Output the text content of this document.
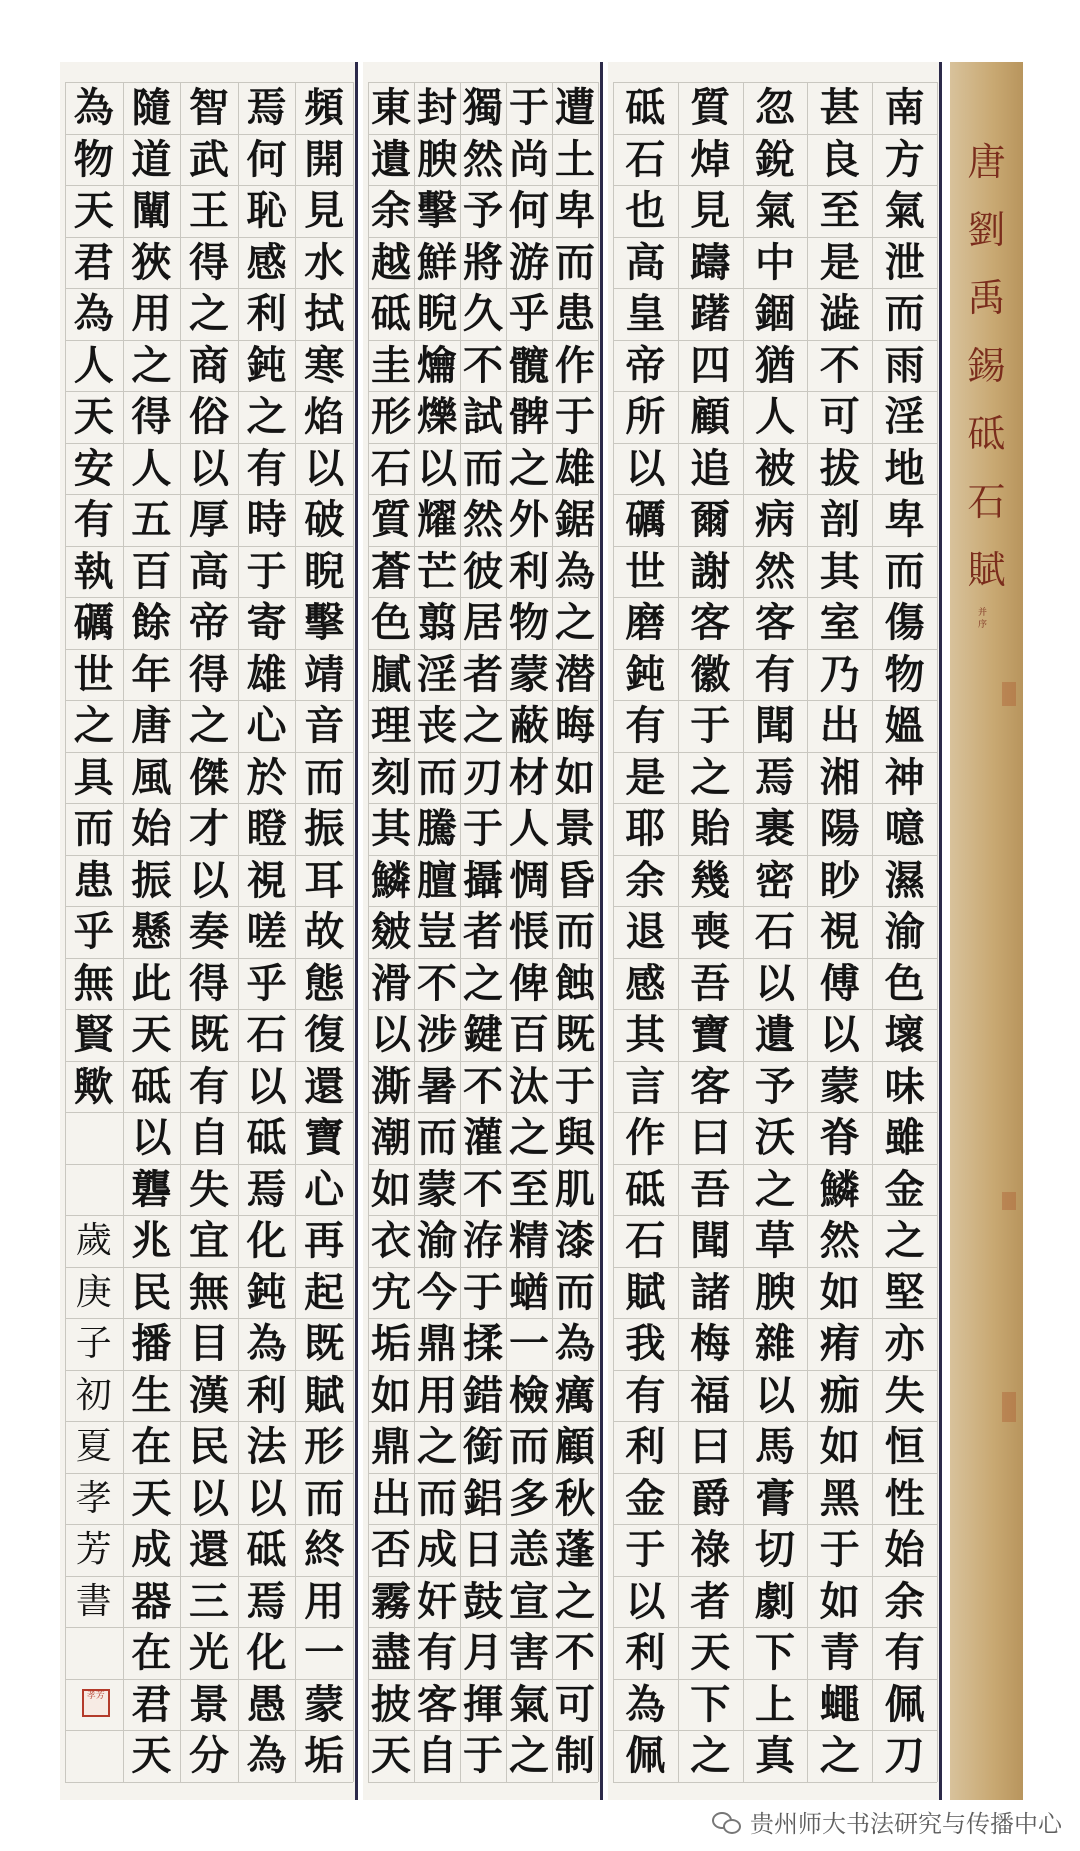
唐
劉
禹
錫
砥
石
賦
并序
南
方
氣
泄
而
雨
淫
地
卑
而
傷
物
媼
神
噫
濕
渝
色
壞
味
雖
金
之
堅
亦
失
恒
性
始
余
有
佩
刀
甚
良
至
是
澁
不
可
拔
剖
其
室
乃
出
湘
陽
眇
視
傅
以
蒙
脊
鱗
然
如
痏
痂
如
黑
于
如
青
蠅
之
忽
銳
氣
中
錮
猶
人
被
病
然
客
有
聞
焉
裹
密
石
以
遺
予
沃
之
草
腴
雜
以
馬
膏
切
劇
下
上
真
質
焯
見
躊
躇
四
顧
追
爾
謝
客
徽
于
之
貽
幾
喪
吾
寶
客
曰
吾
聞
諸
梅
福
曰
爵
祿
者
天
下
之
砥
石
也
高
皇
帝
所
以
礪
世
磨
鈍
有
是
耶
余
退
感
其
言
作
砥
石
賦
我
有
利
金
于
以
利
為
佩
遭
土
卑
而
患
作
于
雄
鋸
為
之
潜
晦
如
景
昏
而
蝕
既
于
與
肌
漆
而
為
癘
顧
秋
蓬
之
不
可
制
于
尚
何
游
乎
髖
髀
之
外
利
物
蒙
蔽
材
人
惆
悵
俾
百
汰
之
至
精
蝤
一
檢
而
多
恙
宣
害
氣
之
獨
然
予
將
久
不
試
而
然
彼
居
者
之
刃
于
攝
者
之
鍵
不
灌
不
洊
于
揉
錯
銜
鋁
日
鼓
月
揮
于
封
腴
擊
鮮
睨
爚
爍
以
耀
芒
翦
淫
丧
而
騰
膻
豈
不
涉
暑
而
蒙
渝
今
鼎
用
之
而
成
奸
有
客
自
東
遺
余
越
砥
圭
形
石
質
蒼
色
膩
理
刻
其
鱗
皴
滑
以
澌
潮
如
衣
宄
垢
如
鼎
出
否
霧
盡
披
天
頻
開
見
水
拭
寒
焰
以
破
睨
擊
靖
音
而
振
耳
故
態
復
還
寶
心
再
起
既
賦
形
而
終
用
一
蒙
垢
焉
何
恥
感
利
鈍
之
有
時
于
寄
雄
心
於
瞪
視
嗟
乎
石
以
砥
焉
化
鈍
為
利
法
以
砥
焉
化
愚
為
智
武
王
得
之
商
俗
以
厚
高
帝
得
之
傑
才
以
奏
得
既
有
自
失
宜
無
目
漢
民
以
還
三
光
景
分
隨
道
闡
狹
用
之
得
人
五
百
餘
年
唐
風
始
振
懸
此
天
砥
以
礱
兆
民
播
生
在
天
成
器
在
君
天
為
物
天
君
為
人
天
安
有
執
礪
世
之
具
而
患
乎
無
賢
歟
歲
庚
子
初
夏
孝
芳
書
孝芳
贵州师大书法研究与传播中心
